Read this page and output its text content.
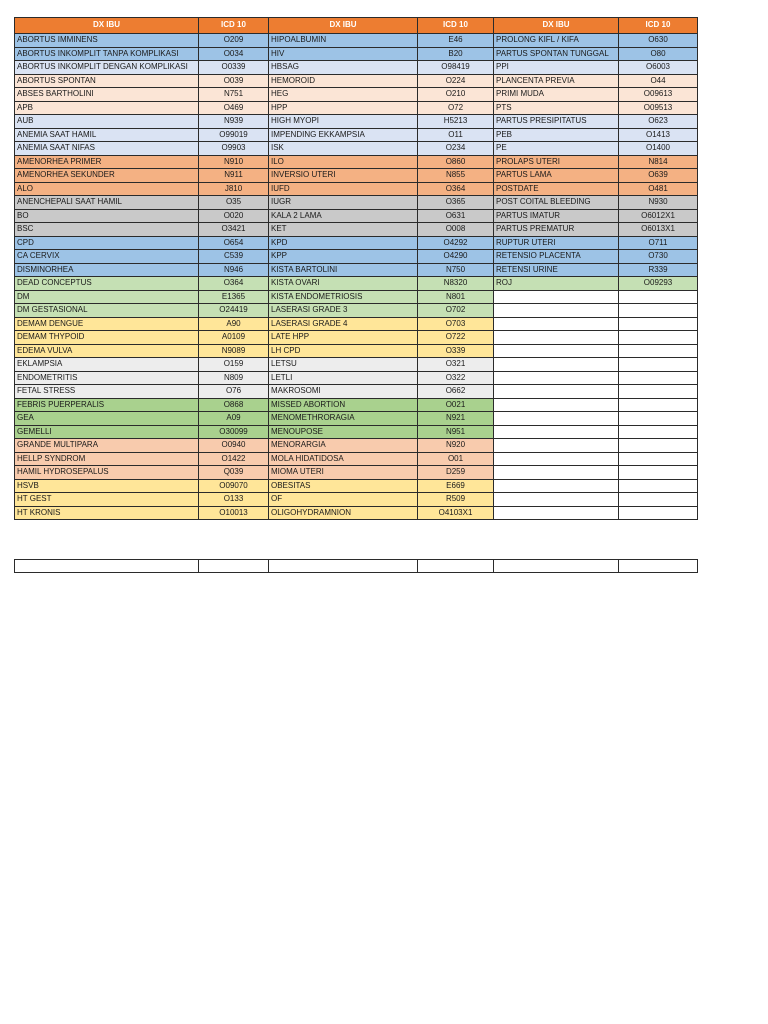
DX IBU	ICD 10	DX IBU	ICD 10	DX IBU	ICD 10
ABORTUS IMMINENS	O209	HIPOALBUMIN	E46	PROLONG KIFL / KIFA	O630
ABORTUS INKOMPLIT TANPA KOMPLIKASI	O034	HIV	B20	PARTUS SPONTAN TUNGGAL	O80
ABORTUS INKOMPLIT DENGAN KOMPLIKASI	O0339	HBSAG	O98419	PPI	O6003
ABORTUS SPONTAN	O039	HEMOROID	O224	PLANCENTA PREVIA	O44
ABSES BARTHOLINI	N751	HEG	O210	PRIMI MUDA	O09613
APB	O469	HPP	O72	PTS	O09513
AUB	N939	HIGH MYOPI	H5213	PARTUS PRESIPITATUS	O623
ANEMIA SAAT HAMIL	O99019	IMPENDING EKKAMPSIA	O11	PEB	O1413
ANEMIA SAAT NIFAS	O9903	ISK	O234	PE	O1400
AMENORHEA PRIMER	N910	ILO	O860	PROLAPS UTERI	N814
AMENORHEA SEKUNDER	N911	INVERSIO UTERI	N855	PARTUS LAMA	O639
ALO	J810	IUFD	O364	POSTDATE	O481
ANENCHEPALI SAAT HAMIL	O35	IUGR	O365	POST COITAL BLEEDING	N930
BO	O020	KALA 2 LAMA	O631	PARTUS IMATUR	O6012X1
BSC	O3421	KET	O008	PARTUS PREMATUR	O6013X1
CPD	O654	KPD	O4292	RUPTUR UTERI	O711
CA CERVIX	C539	KPP	O4290	RETENSIO PLACENTA	O730
DISMINORHEA	N946	KISTA BARTOLINI	N750	RETENSI URINE	R339
DEAD CONCEPTUS	O364	KISTA OVARI	N8320	ROJ	O09293
DM	E1365	KISTA ENDOMETRIOSIS	N801		
DM GESTASIONAL	O24419	LASERASI GRADE 3	O702		
DEMAM DENGUE	A90	LASERASI GRADE 4	O703		
DEMAM THYPOID	A0109	LATE HPP	O722		
EDEMA VULVA	N9089	LH CPD	O339		
EKLAMPSIA	O159	LETSU	O321		
ENDOMETRITIS	N809	LETLI	O322		
FETAL STRESS	O76	MAKROSOMI	O662		
FEBRIS PUERPERALIS	O868	MISSED ABORTION	O021		
GEA	A09	MENOMETHRORAGIA	N921		
GEMELLI	O30099	MENOUPOSE	N951		
GRANDE MULTIPARA	O0940	MENORARGIA	N920		
HELLP SYNDROM	O1422	MOLA HIDATIDOSA	O01		
HAMIL HYDROSEPALUS	Q039	MIOMA UTERI	D259		
HSVB	O09070	OBESITAS	E669		
HT GEST	O133	OF	R509		
HT KRONIS	O10013	OLIGOHYDRAMNION	O4103X1		
